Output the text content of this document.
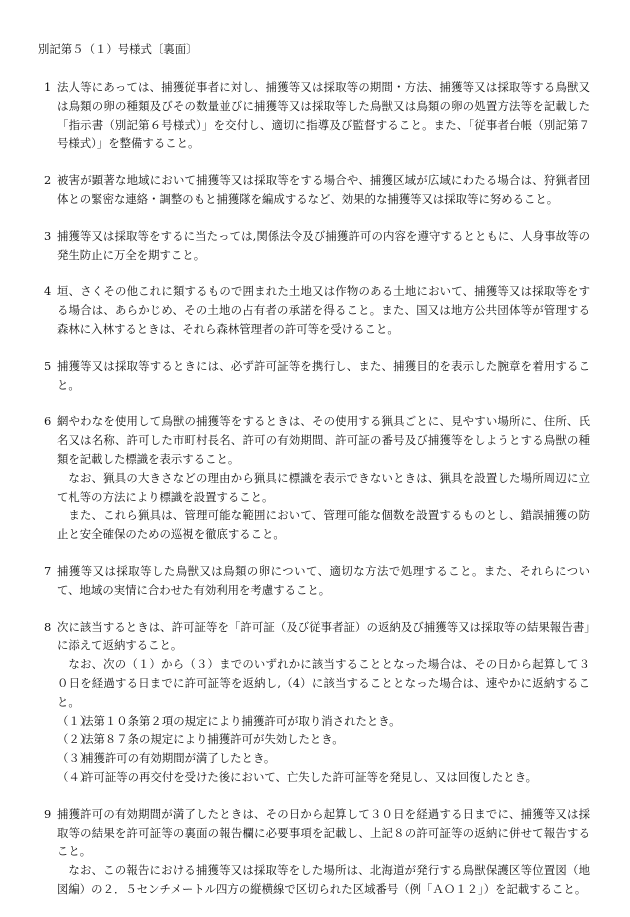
別記第５（１）号様式〔裏面〕
1 法人等にあっては、捕獲従事者に対し、捕獲等又は採取等の期間・方法、捕獲等又は採取等する鳥獣又は鳥類の卵の種類及びその数量並びに捕獲等又は採取等した鳥獣又は鳥類の卵の処置方法等を記載した「指示書（別記第６号様式）」を交付し、適切に指導及び監督すること。また、「従事者台帳（別記第７号様式）」を整備すること。

2 被害が顕著な地域において捕獲等又は採取等をする場合や、捕獲区域が広域にわたる場合は、狩猟者団体との緊密な連絡・調整のもと捕獲隊を編成するなど、効果的な捕獲等又は採取等に努めること。

3 捕獲等又は採取等をするに当たっては,関係法令及び捕獲許可の内容を遵守するとともに、人身事故等の発生防止に万全を期すこと。

4 垣、さくその他これに類するもので囲まれた土地又は作物のある土地において、捕獲等又は採取等をする場合は、あらかじめ、その土地の占有者の承諾を得ること。また、国又は地方公共団体等が管理する森林に入林するときは、それら森林管理者の許可等を受けること。

5 捕獲等又は採取等するときには、必ず許可証等を携行し、また、捕獲目的を表示した腕章を着用すること。

6 網やわなを使用して鳥獣の捕獲等をするときは、その使用する猟具ごとに、見やすい場所に、住所、氏名又は名称、許可した市町村長名、許可の有効期間、許可証の番号及び捕獲等をしようとする鳥獣の種類を記載した標識を表示すること。

なお、猟具の大きさなどの理由から猟具に標識を表示できないときは、猟具を設置した場所周辺に立て札等の方法により標識を設置すること。

また、これら猟具は、管理可能な範囲において、管理可能な個数を設置するものとし、錯誤捕獲の防止と安全確保のための巡視を徹底すること。

7 捕獲等又は採取等した鳥獣又は鳥類の卵について、適切な方法で処理すること。また、それらについて、地域の実情に合わせた有効利用を考慮すること。

8 次に該当するときは、許可証等を「許可証（及び従事者証）の返納及び捕獲等又は採取等の結果報告書」に添えて返納すること。

なお、次の（１）から（３）までのいずれかに該当することとなった場合は、その日から起算して３０日を経過する日までに許可証等を返納し,（4）に該当することとなった場合は、速やかに返納すること。

（１）
法第１０条第２項の規定により捕獲許可が取り消されたとき。
（２）
法第８７条の規定により捕獲許可が失効したとき。
（３）
捕獲許可の有効期間が満了したとき。
（４）
許可証等の再交付を受けた後において、亡失した許可証等を発見し、又は回復したとき。
9 捕獲許可の有効期間が満了したときは、その日から起算して３０日を経過する日までに、捕獲等又は採取等の結果を許可証等の裏面の報告欄に必要事項を記載し、上記８の許可証等の返納に併せて報告すること。

なお、この報告における捕獲等又は採取等をした場所は、北海道が発行する鳥獣保護区等位置図（地図編）の２．５センチメートル四方の縦横線で区切られた区域番号（例「ＡＯ１２」）を記載すること。
